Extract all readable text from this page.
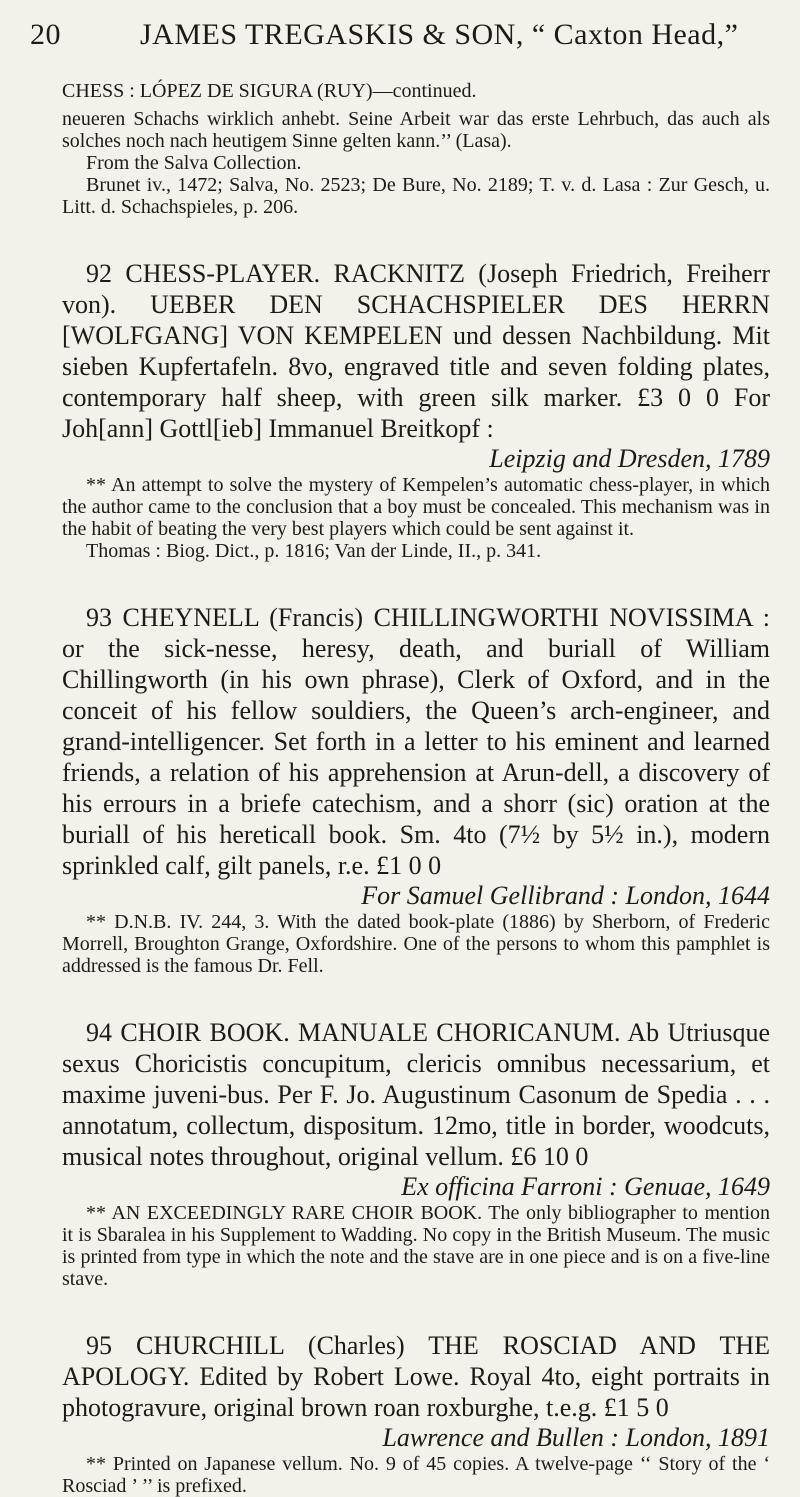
20	JAMES TREGASKIS & SON, “ Caxton Head,”

CHESS : LÓPEZ DE SIGURA (RUY)—continued.

neueren Schachs wirklich anhebt. Seine Arbeit war das erste Lehrbuch, das auch als solches noch nach heutigem Sinne gelten kann.’’ (Lasa).

From the Salva Collection.

Brunet iv., 1472; Salva, No. 2523; De Bure, No. 2189; T. v. d. Lasa : Zur Gesch, u. Litt. d. Schachspieles, p. 206.

92 CHESS-PLAYER. RACKNITZ (Joseph Friedrich, Freiherr von). UEBER DEN SCHACHSPIELER DES HERRN [WOLFGANG] VON KEMPELEN und dessen Nachbildung. Mit sieben Kupfertafeln. 8vo, engraved title and seven folding plates, contemporary half sheep, with green silk marker. £3 0 0 For Joh[ann] Gottl[ieb] Immanuel Breitkopf :

Leipzig and Dresden, 1789

** An attempt to solve the mystery of Kempelen’s automatic chess-player, in which the author came to the conclusion that a boy must be concealed. This mechanism was in the habit of beating the very best players which could be sent against it.

Thomas : Biog. Dict., p. 1816; Van der Linde, II., p. 341.

93 CHEYNELL (Francis) CHILLINGWORTHI NOVISSIMA : or the sick-nesse, heresy, death, and buriall of William Chillingworth (in his own phrase), Clerk of Oxford, and in the conceit of his fellow souldiers, the Queen’s arch-engineer, and grand-intelligencer. Set forth in a letter to his eminent and learned friends, a relation of his apprehension at Arun-dell, a discovery of his errours in a briefe catechism, and a shorr (sic) oration at the buriall of his hereticall book. Sm. 4to (7½ by 5½ in.), modern sprinkled calf, gilt panels, r.e. £1 0 0

For Samuel Gellibrand : London, 1644

** D.N.B. IV. 244, 3. With the dated book-plate (1886) by Sherborn, of Frederic Morrell, Broughton Grange, Oxfordshire. One of the persons to whom this pamphlet is addressed is the famous Dr. Fell.

94 CHOIR BOOK. MANUALE CHORICANUM. Ab Utriusque sexus Choricistis concupitum, clericis omnibus necessarium, et maxime juveni-bus. Per F. Jo. Augustinum Casonum de Spedia . . . annotatum, collectum, dispositum. 12mo, title in border, woodcuts, musical notes throughout, original vellum. £6 10 0

Ex officina Farroni : Genuae, 1649

** AN EXCEEDINGLY RARE CHOIR BOOK. The only bibliographer to mention it is Sbaralea in his Supplement to Wadding. No copy in the British Museum. The music is printed from type in which the note and the stave are in one piece and is on a five-line stave.

95 CHURCHILL (Charles) THE ROSCIAD AND THE APOLOGY. Edited by Robert Lowe. Royal 4to, eight portraits in photogravure, original brown roan roxburghe, t.e.g. £1 5 0

Lawrence and Bullen : London, 1891

** Printed on Japanese vellum. No. 9 of 45 copies. A twelve-page ‘‘ Story of the ‘ Rosciad ’ ’’ is prefixed.
